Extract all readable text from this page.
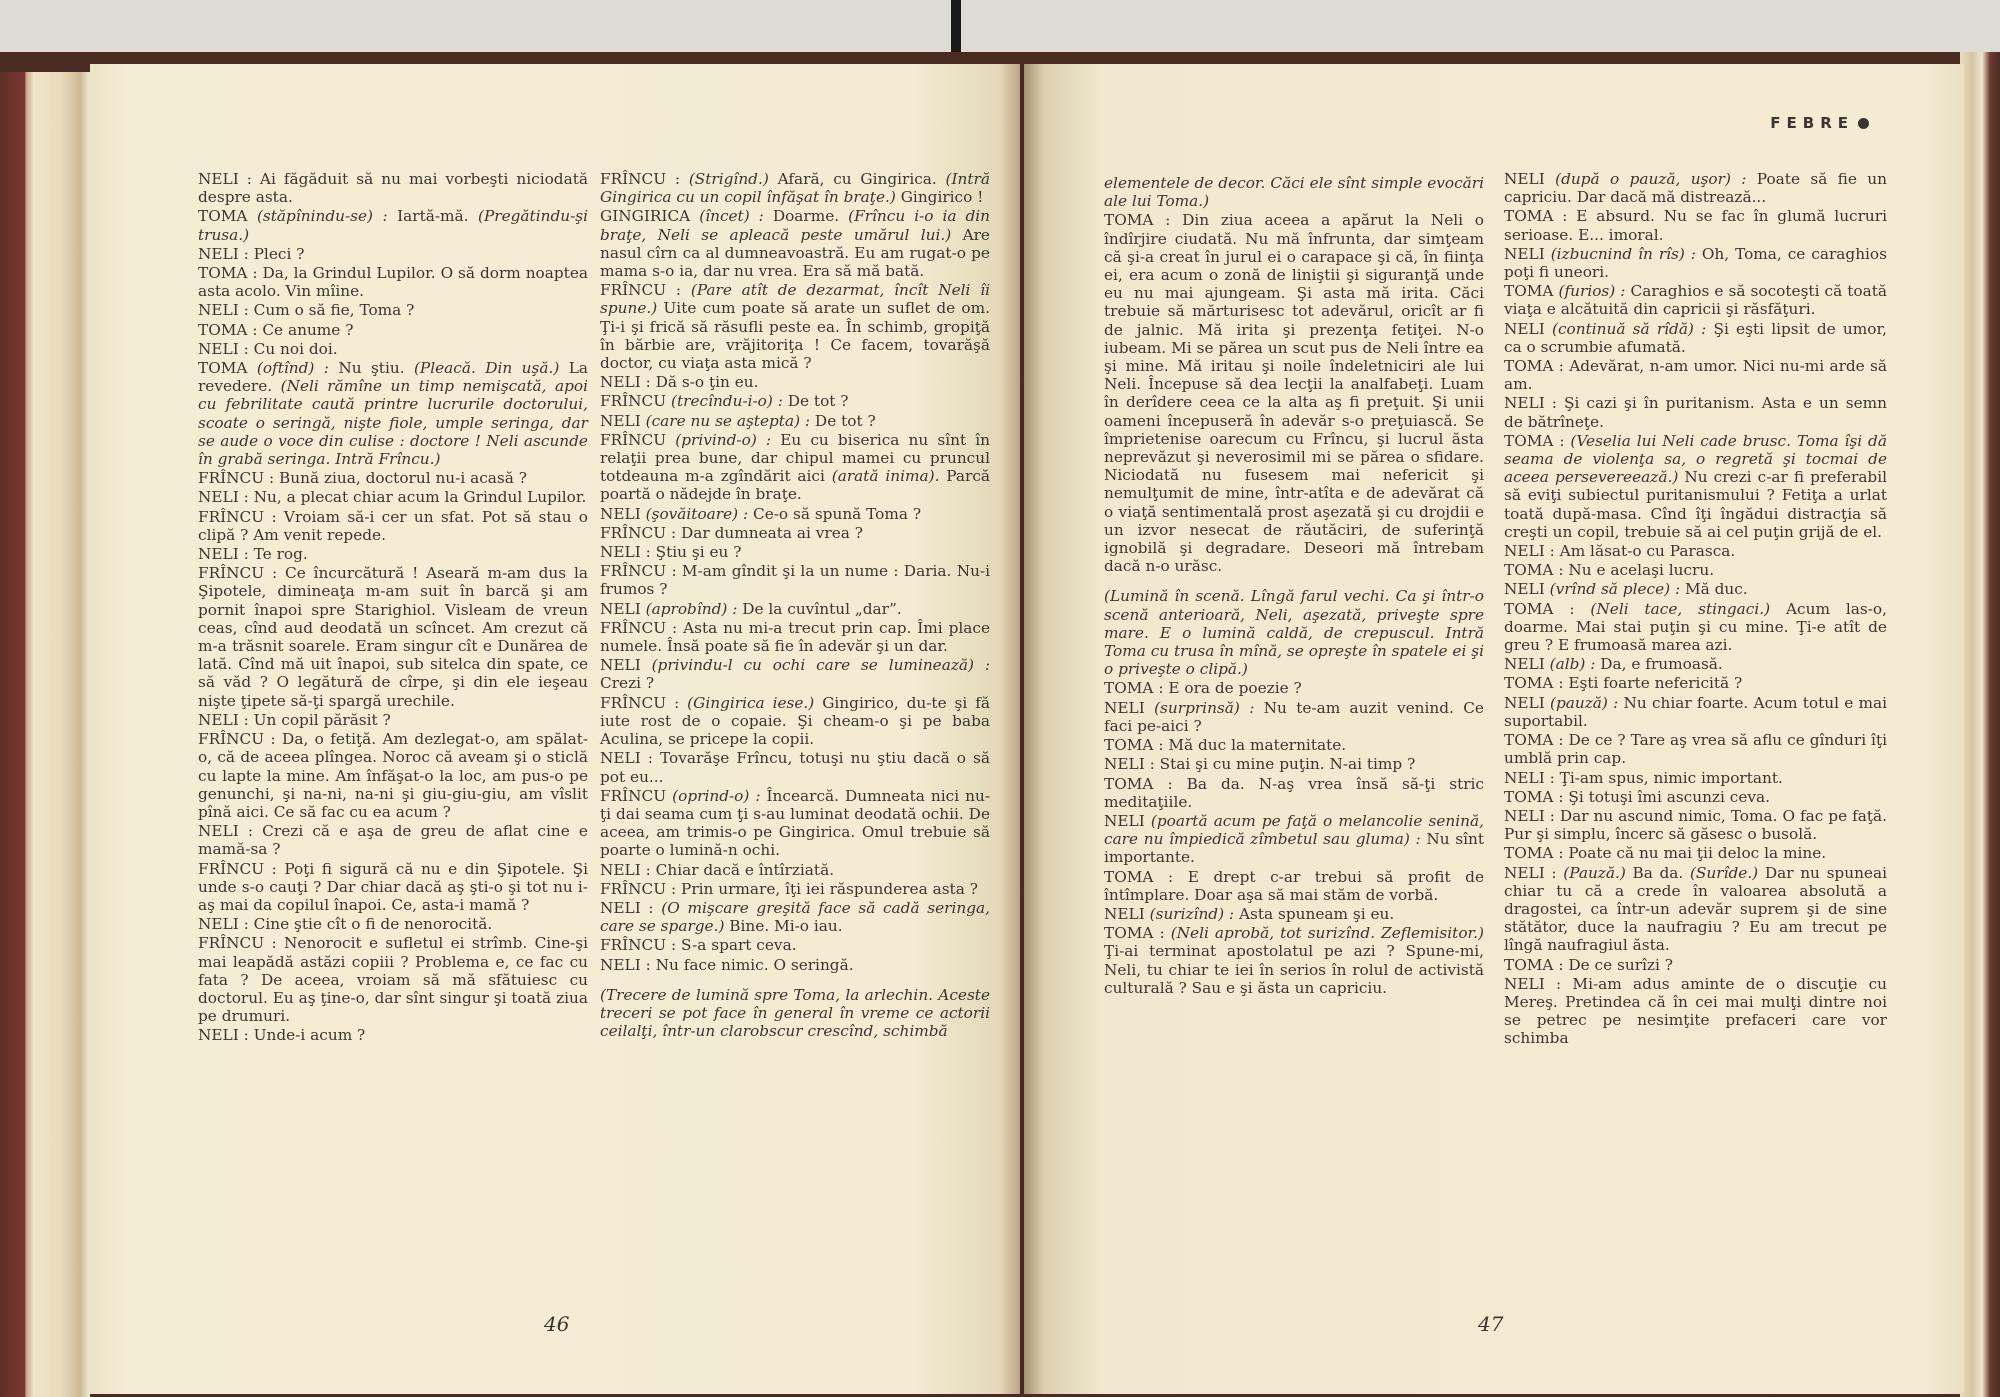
NELI : Ai făgăduit să nu mai vorbeşti niciodată despre asta.

TOMA (stăpînindu-se) : Iartă-mă. (Pregătindu-şi trusa.)

NELI : Pleci ?

TOMA : Da, la Grindul Lupilor. O să dorm noaptea asta acolo. Vin mîine.

NELI : Cum o să fie, Toma ?

TOMA : Ce anume ?

NELI : Cu noi doi.

TOMA (oftînd) : Nu ştiu. (Pleacă. Din uşă.) La revedere. (Neli rămîne un timp nemişcată, apoi cu febrilitate caută printre lucrurile doctorului, scoate o seringă, nişte fiole, umple seringa, dar se aude o voce din culise : doctore ! Neli ascunde în grabă seringa. Intră Frîncu.)

FRÎNCU : Bună ziua, doctorul nu-i acasă ?

NELI : Nu, a plecat chiar acum la Grindul Lupilor.

FRÎNCU : Vroiam să-i cer un sfat. Pot să stau o clipă ? Am venit repede.

NELI : Te rog.

FRÎNCU : Ce încurcătură ! Aseară m-am dus la Şipotele, dimineaţa m-am suit în barcă şi am pornit înapoi spre Starighiol. Visleam de vreun ceas, cînd aud deodată un scîncet. Am crezut că m-a trăsnit soarele. Eram singur cît e Dunărea de lată. Cînd mă uit înapoi, sub sitelca din spate, ce să văd ? O legătură de cîrpe, şi din ele ieşeau nişte ţipete să-ţi spargă urechile.

NELI : Un copil părăsit ?

FRÎNCU : Da, o fetiţă. Am dezlegat-o, am spălat-o, că de aceea plîngea. Noroc că aveam şi o sticlă cu lapte la mine. Am înfăşat-o la loc, am pus-o pe genunchi, şi na-ni, na-ni şi giu-giu-giu, am vîslit pînă aici. Ce să fac cu ea acum ?

NELI : Crezi că e aşa de greu de aflat cine e mamă-sa ?

FRÎNCU : Poţi fi sigură că nu e din Şipotele. Şi unde s-o cauţi ? Dar chiar dacă aş şti-o şi tot nu i-aş mai da copilul înapoi. Ce, asta-i mamă ?

NELI : Cine ştie cît o fi de nenorocită.

FRÎNCU : Nenorocit e sufletul ei strîmb. Cine-şi mai leapădă astăzi copiii ? Problema e, ce fac cu fata ? De aceea, vroiam să mă sfătuiesc cu doctorul. Eu aş ţine-o, dar sînt singur şi toată ziua pe drumuri.

NELI : Unde-i acum ?

FRÎNCU : (Strigînd.) Afară, cu Gingirica. (Intră Gingirica cu un copil înfăşat în braţe.) Gingirico !

GINGIRICA (încet) : Doarme. (Frîncu i-o ia din braţe, Neli se apleacă peste umărul lui.) Are nasul cîrn ca al dumneavoastră. Eu am rugat-o pe mama s-o ia, dar nu vrea. Era să mă bată.

FRÎNCU : (Pare atît de dezarmat, încît Neli îi spune.) Uite cum poate să arate un suflet de om. Ţi-i şi frică să răsufli peste ea. În schimb, gropiţă în bărbie are, vrăjitoriţa ! Ce facem, tovarăşă doctor, cu viaţa asta mică ?

NELI : Dă s-o ţin eu.

FRÎNCU (trecîndu-i-o) : De tot ?

NELI (care nu se aştepta) : De tot ?

FRÎNCU (privind-o) : Eu cu biserica nu sînt în relaţii prea bune, dar chipul mamei cu pruncul totdeauna m-a zgîndărit aici (arată inima). Parcă poartă o nădejde în braţe.

NELI (şovăitoare) : Ce-o să spună Toma ?

FRÎNCU : Dar dumneata ai vrea ?

NELI : Ştiu şi eu ?

FRÎNCU : M-am gîndit şi la un nume : Daria. Nu-i frumos ?

NELI (aprobînd) : De la cuvîntul „dar”.

FRÎNCU : Asta nu mi-a trecut prin cap. Îmi place numele. Însă poate să fie în adevăr şi un dar.

NELI (privindu-l cu ochi care se luminează) : Crezi ?

FRÎNCU : (Gingirica iese.) Gingirico, du-te şi fă iute rost de o copaie. Şi cheam-o şi pe baba Aculina, se pricepe la copii.

NELI : Tovarăşe Frîncu, totuşi nu ştiu dacă o să pot eu...

FRÎNCU (oprind-o) : Încearcă. Dumneata nici nu-ţi dai seama cum ţi s-au luminat deodată ochii. De aceea, am trimis-o pe Gingirica. Omul trebuie să poarte o lumină-n ochi.

NELI : Chiar dacă e întîrziată.

FRÎNCU : Prin urmare, îţi iei răspunderea asta ?

NELI : (O mişcare greşită face să cadă seringa, care se sparge.) Bine. Mi-o iau.

FRÎNCU : S-a spart ceva.

NELI : Nu face nimic. O seringă.

(Trecere de lumină spre Toma, la arlechin. Aceste treceri se pot face în general în vreme ce actorii ceilalţi, într-un clarobscur crescînd, schimbă

46
FEBRE

elementele de decor. Căci ele sînt simple evocări ale lui Toma.)

TOMA : Din ziua aceea a apărut la Neli o îndîrjire ciudată. Nu mă înfrunta, dar simţeam că şi-a creat în jurul ei o carapace şi că, în fiinţa ei, era acum o zonă de liniştii şi siguranţă unde eu nu mai ajungeam. Şi asta mă irita. Căci trebuie să mărturisesc tot adevărul, oricît ar fi de jalnic. Mă irita şi prezenţa fetiţei. N-o iubeam. Mi se părea un scut pus de Neli între ea şi mine. Mă iritau şi noile îndeletniciri ale lui Neli. Începuse să dea lecţii la analfabeţi. Luam în derîdere ceea ce la alta aş fi preţuit. Şi unii oameni începuseră în adevăr s-o preţuiască. Se împrietenise oarecum cu Frîncu, şi lucrul ăsta neprevăzut şi neverosimil mi se părea o sfidare. Niciodată nu fusesem mai nefericit şi nemulţumit de mine, într-atîta e de adevărat că o viaţă sentimentală prost aşezată şi cu drojdii e un izvor nesecat de răutăciri, de suferinţă ignobilă şi degradare. Deseori mă întrebam dacă n-o urăsc.

(Lumină în scenă. Lîngă farul vechi. Ca şi într-o scenă anterioară, Neli, aşezată, priveşte spre mare. E o lumină caldă, de crepuscul. Intră Toma cu trusa în mînă, se opreşte în spatele ei şi o priveşte o clipă.)

TOMA : E ora de poezie ?

NELI (surprinsă) : Nu te-am auzit venind. Ce faci pe-aici ?

TOMA : Mă duc la maternitate.

NELI : Stai şi cu mine puţin. N-ai timp ?

TOMA : Ba da. N-aş vrea însă să-ţi stric meditaţiile.

NELI (poartă acum pe faţă o melancolie senină, care nu împiedică zîmbetul sau gluma) : Nu sînt importante.

TOMA : E drept c-ar trebui să profit de întîmplare. Doar aşa să mai stăm de vorbă.

NELI (surizînd) : Asta spuneam şi eu.

TOMA : (Neli aprobă, tot surizînd. Zeflemisitor.) Ţi-ai terminat apostolatul pe azi ? Spune-mi, Neli, tu chiar te iei în serios în rolul de activistă culturală ? Sau e şi ăsta un capriciu.

NELI (după o pauză, uşor) : Poate să fie un capriciu. Dar dacă mă distrează...

TOMA : E absurd. Nu se fac în glumă lucruri serioase. E... imoral.

NELI (izbucnind în rîs) : Oh, Toma, ce caraghios poţi fi uneori.

TOMA (furios) : Caraghios e să socoteşti că toată viaţa e alcătuită din capricii şi răsfăţuri.

NELI (continuă să rîdă) : Şi eşti lipsit de umor, ca o scrumbie afumată.

TOMA : Adevărat, n-am umor. Nici nu-mi arde să am.

NELI : Şi cazi şi în puritanism. Asta e un semn de bătrîneţe.

TOMA : (Veselia lui Neli cade brusc. Toma îşi dă seama de violenţa sa, o regretă şi tocmai de aceea persevereează.) Nu crezi c-ar fi preferabil să eviţi subiectul puritanismului ? Fetiţa a urlat toată după-masa. Cînd îţi îngădui distracţia să creşti un copil, trebuie să ai cel puţin grijă de el.

NELI : Am lăsat-o cu Parasca.

TOMA : Nu e acelaşi lucru.

NELI (vrînd să plece) : Mă duc.

TOMA : (Neli tace, stingaci.) Acum las-o, doarme. Mai stai puţin şi cu mine. Ţi-e atît de greu ? E frumoasă marea azi.

NELI (alb) : Da, e frumoasă.

TOMA : Eşti foarte nefericită ?

NELI (pauză) : Nu chiar foarte. Acum totul e mai suportabil.

TOMA : De ce ? Tare aş vrea să aflu ce gînduri îţi umblă prin cap.

NELI : Ţi-am spus, nimic important.

TOMA : Şi totuşi îmi ascunzi ceva.

NELI : Dar nu ascund nimic, Toma. O fac pe faţă. Pur şi simplu, încerc să găsesc o busolă.

TOMA : Poate că nu mai ţii deloc la mine.

NELI : (Pauză.) Ba da. (Surîde.) Dar nu spuneai chiar tu că a crede în valoarea absolută a dragostei, ca într-un adevăr suprem şi de sine stătător, duce la naufragiu ? Eu am trecut pe lîngă naufragiul ăsta.

TOMA : De ce surîzi ?

NELI : Mi-am adus aminte de o discuţie cu Mereş. Pretindea că în cei mai mulţi dintre noi se petrec pe nesimţite prefaceri care vor schimba

47
